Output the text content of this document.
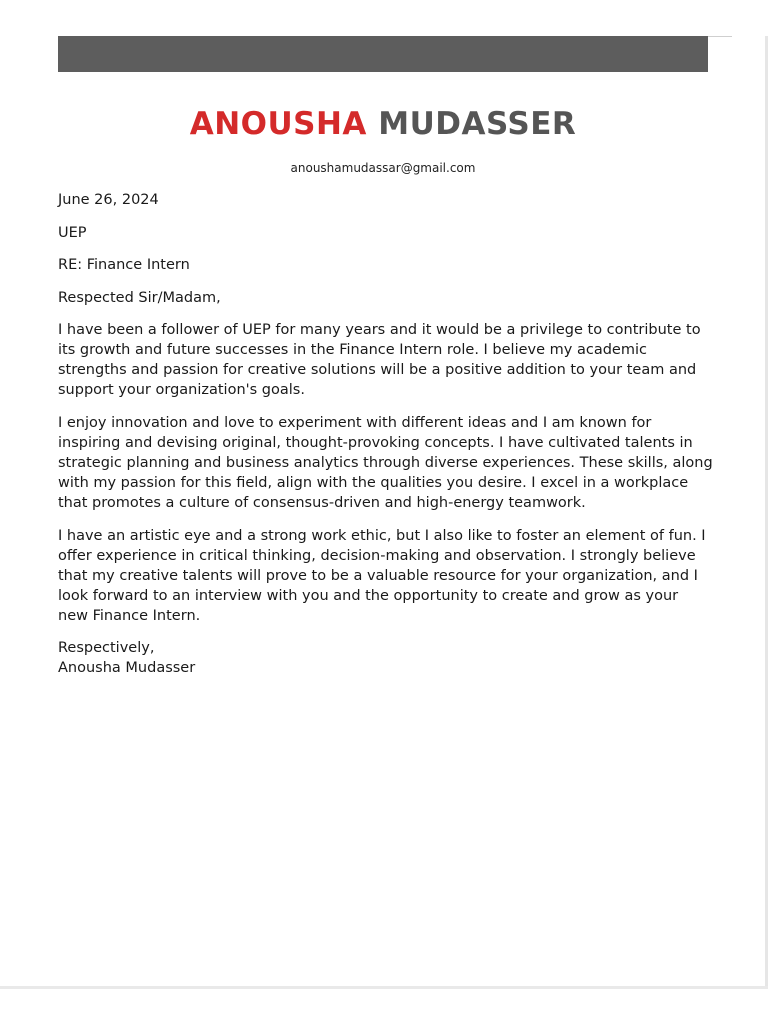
ANOUSHA MUDASSER
anoushamudassar@gmail.com
June 26, 2024
UEP
RE: Finance Intern
Respected Sir/Madam,
I have been a follower of UEP for many years and it would be a privilege to contribute to
its growth and future successes in the Finance Intern role. I believe my academic
strengths and passion for creative solutions will be a positive addition to your team and
support your organization's goals.
I enjoy innovation and love to experiment with different ideas and I am known for
inspiring and devising original, thought-provoking concepts. I have cultivated talents in
strategic planning and business analytics through diverse experiences. These skills, along
with my passion for this field, align with the qualities you desire. I excel in a workplace
that promotes a culture of consensus-driven and high-energy teamwork.
I have an artistic eye and a strong work ethic, but I also like to foster an element of fun. I
offer experience in critical thinking, decision-making and observation. I strongly believe
that my creative talents will prove to be a valuable resource for your organization, and I
look forward to an interview with you and the opportunity to create and grow as your
new Finance Intern.
Respectively,
Anousha Mudasser
